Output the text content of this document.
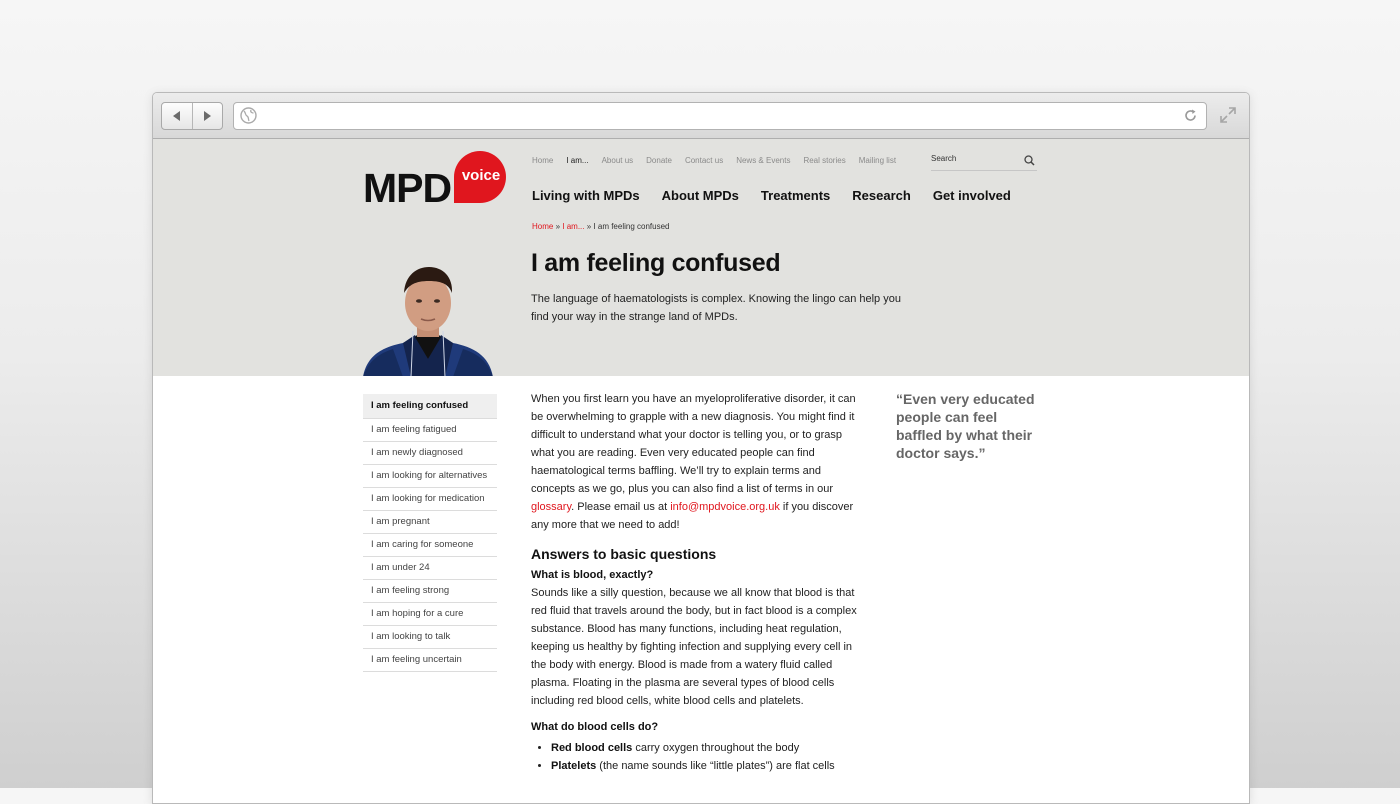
MPD voice
Home I am... About us Donate Contact us News & Events Real stories Mailing list	Search
Living with MPDs About MPDs Treatments Research Get involved
Home » I am... » I am feeling confused
I am feeling confused
The language of haematologists is complex. Knowing the lingo can help you find your way in the strange land of MPDs.
I am feeling confused
I am feeling fatigued
I am newly diagnosed
I am looking for alternatives
I am looking for medication
I am pregnant
I am caring for someone
I am under 24
I am feeling strong
I am hoping for a cure
I am looking to talk
I am feeling uncertain

When you first learn you have an myeloproliferative disorder, it can be overwhelming to grapple with a new diagnosis. You might find it difficult to understand what your doctor is telling you, or to grasp what you are reading. Even very educated people can find haematological terms baffling. We’ll try to explain terms and concepts as we go, plus you can also find a list of terms in our glossary. Please email us at info@mpdvoice.org.uk if you discover any more that we need to add!

Answers to basic questions
What is blood, exactly?

Sounds like a silly question, because we all know that blood is that red fluid that travels around the body, but in fact blood is a complex substance. Blood has many functions, including heat regulation, keeping us healthy by fighting infection and supplying every cell in the body with energy. Blood is made from a watery fluid called plasma. Floating in the plasma are several types of blood cells including red blood cells, white blood cells and platelets.

What do blood cells do?
• Red blood cells carry oxygen throughout the body
• Platelets (the name sounds like “little plates”) are flat cells
“Even very educated people can feel baffled by what their doctor says.”
